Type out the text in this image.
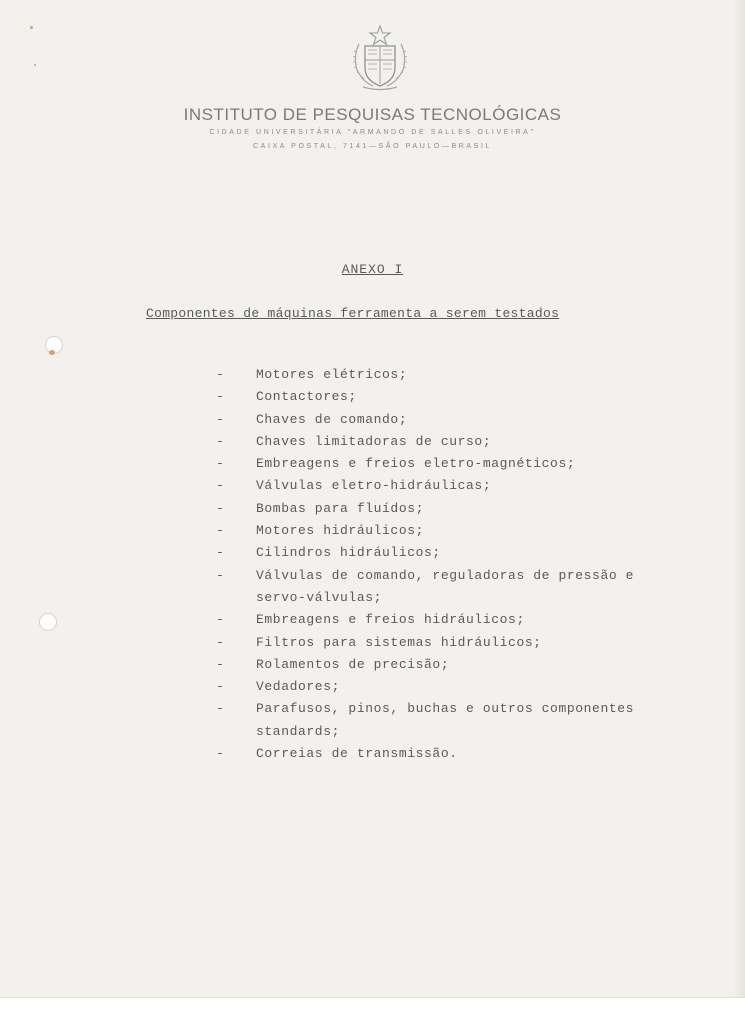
INSTITUTO DE PESQUISAS TECNOLÓGICAS
CIDADE UNIVERSITÁRIA "ARMANDO DE SALLES OLIVEIRA"
CAIXA POSTAL, 7141—SÃO PAULO—BRASIL
ANEXO I
Componentes de máquinas ferramenta a serem testados
-	Motores elétricos;
-	Contactores;
-	Chaves de comando;
-	Chaves limitadoras de curso;
-	Embreagens e freios eletro-magnéticos;
-	Válvulas eletro-hidráulicas;
-	Bombas para fluídos;
-	Motores hidráulicos;
-	Cilindros hidráulicos;
-	Válvulas de comando, reguladoras de pressão e
servo-válvulas;
-	Embreagens e freios hidráulicos;
-	Filtros para sistemas hidráulicos;
-	Rolamentos de precisão;
-	Vedadores;
-	Parafusos, pinos, buchas e outros componentes
standards;
-	Correias de transmissão.
